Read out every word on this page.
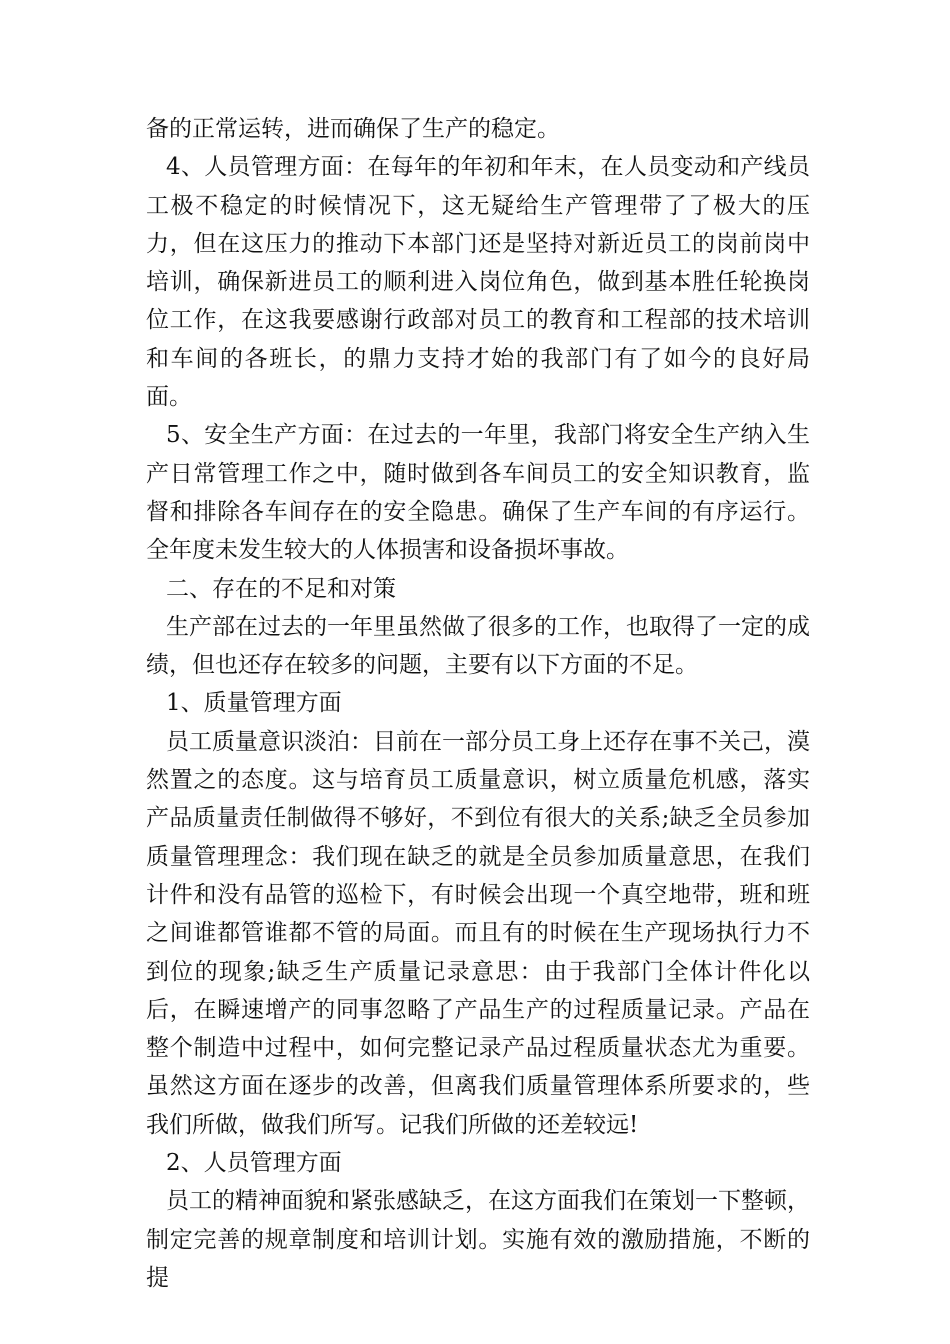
备的正常运转，进而确保了生产的稳定。

4、人员管理方面：在每年的年初和年末，在人员变动和产线员工极不稳定的时候情况下，这无疑给生产管理带了了极大的压力，但在这压力的推动下本部门还是坚持对新近员工的岗前岗中培训，确保新进员工的顺利进入岗位角色，做到基本胜任轮换岗位工作，在这我要感谢行政部对员工的教育和工程部的技术培训和车间的各班长，的鼎力支持才始的我部门有了如今的良好局面。

5、安全生产方面：在过去的一年里，我部门将安全生产纳入生产日常管理工作之中，随时做到各车间员工的安全知识教育，监督和排除各车间存在的安全隐患。确保了生产车间的有序运行。全年度未发生较大的人体损害和设备损坏事故。

二、存在的不足和对策

生产部在过去的一年里虽然做了很多的工作，也取得了一定的成绩，但也还存在较多的问题，主要有以下方面的不足。

1、质量管理方面

员工质量意识淡泊：目前在一部分员工身上还存在事不关己，漠然置之的态度。这与培育员工质量意识，树立质量危机感，落实产品质量责任制做得不够好，不到位有很大的关系;缺乏全员参加质量管理理念：我们现在缺乏的就是全员参加质量意思，在我们计件和没有品管的巡检下，有时候会出现一个真空地带，班和班之间谁都管谁都不管的局面。而且有的时候在生产现场执行力不到位的现象;缺乏生产质量记录意思：由于我部门全体计件化以后，在瞬速增产的同事忽略了产品生产的过程质量记录。产品在整个制造中过程中，如何完整记录产品过程质量状态尤为重要。虽然这方面在逐步的改善，但离我们质量管理体系所要求的，些我们所做，做我们所写。记我们所做的还差较远!

2、人员管理方面

员工的精神面貌和紧张感缺乏，在这方面我们在策划一下整顿，制定完善的规章制度和培训计划。实施有效的激励措施，不断的提
